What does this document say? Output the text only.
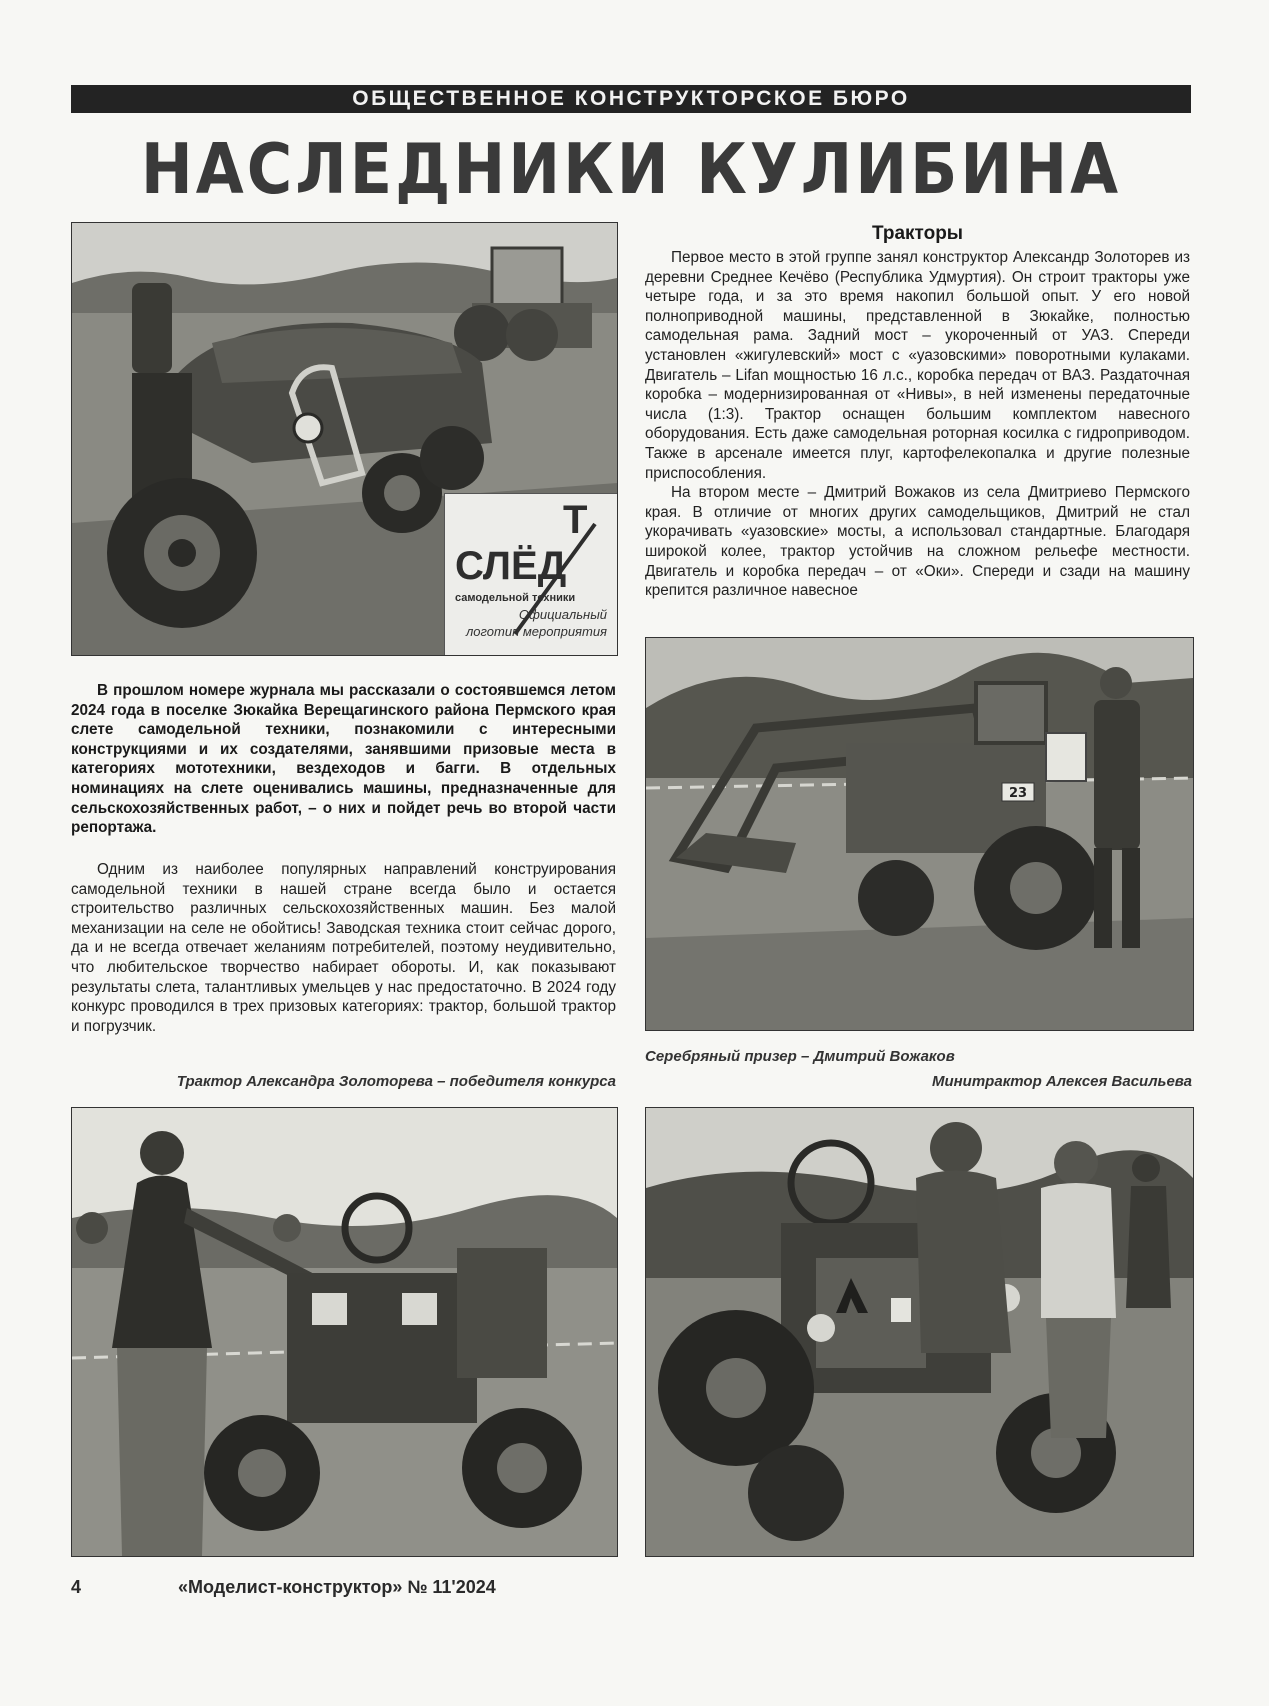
ОБЩЕСТВЕННОЕ КОНСТРУКТОРСКОЕ БЮРО
НАСЛЕДНИКИ КУЛИБИНА
Т
СЛЁД
самодельной техники
Официальный
логотип мероприятия

В прошлом номере журнала мы рассказали о состоявшемся летом 2024 года в поселке Зюкайка Верещагинского района Пермского края слете самодельной техники, познакомили с интересными конструкциями и их создателями, занявшими призовые места в категориях мототехники, вездеходов и багги. В отдельных номинациях на слете оценивались машины, предназначенные для сельскохозяйственных работ, – о них и пойдет речь во второй части репортажа.

Одним из наиболее популярных направлений конструирования самодельной техники в нашей стране всегда было и остается строительство различных сельскохозяйственных машин. Без малой механизации на селе не обойтись! Заводская техника стоит сейчас дорого, да и не всегда отвечает желаниям потребителей, поэтому неудивительно, что любительское творчество набирает обороты. И, как показывают результаты слета, талантливых умельцев у нас предостаточно. В 2024 году конкурс проводился в трех призовых категориях: трактор, большой трактор и погрузчик.

Тракторы

Первое место в этой группе занял конструктор Александр Золоторев из деревни Среднее Кечёво (Республика Удмуртия). Он строит тракторы уже четыре года, и за это время накопил большой опыт. У его новой полноприводной машины, представленной в Зюкайке, полностью самодельная рама. Задний мост – укороченный от УАЗ. Спереди установлен «жигулевский» мост с «уазовскими» поворотными кулаками. Двигатель – Lifan мощностью 16 л.с., коробка передач от ВАЗ. Раздаточная коробка – модернизированная от «Нивы», в ней изменены передаточные числа (1:3). Трактор оснащен большим комплектом навесного оборудования. Есть даже самодельная роторная косилка с гидроприводом. Также в арсенале имеется плуг, картофелекопалка и другие полезные приспособления.

На втором месте – Дмитрий Вожаков из села Дмитриево Пермского края. В отличие от многих других самодельщиков, Дмитрий не стал укорачивать «уазовские» мосты, а использовал стандартные. Благодаря широкой колее, трактор устойчив на сложном рельефе местности. Двигатель и коробка передач – от «Оки». Спереди и сзади на машину крепится различное навесное

23
Серебряный призер – Дмитрий Вожаков
Трактор Александра Золоторева – победителя конкурса	Минитрактор Алексея Васильева
4	«Моделист-конструктор» № 11'2024
